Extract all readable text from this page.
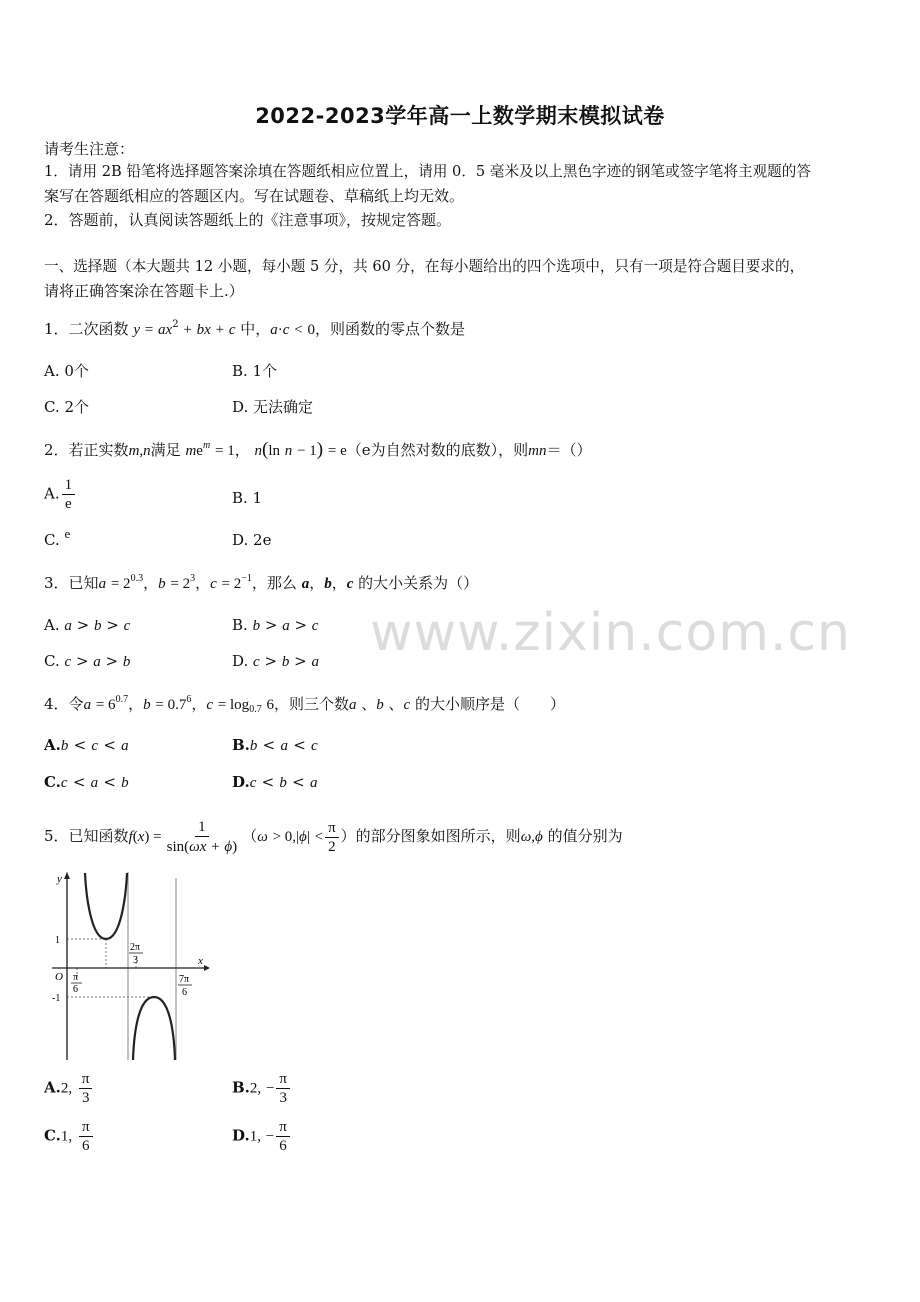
2022-2023学年高一上数学期末模拟试卷
请考生注意：
1．请用 2B 铅笔将选择题答案涂填在答题纸相应位置上，请用 0．5 毫米及以上黑色字迹的钢笔或签字笔将主观题的答
案写在答题纸相应的答题区内。写在试题卷、草稿纸上均无效。
2．答题前，认真阅读答题纸上的《注意事项》，按规定答题。
一、选择题（本大题共 12 小题，每小题 5 分，共 60 分，在每小题给出的四个选项中，只有一项是符合题目要求的，
请将正确答案涂在答题卡上.）
1．二次函数 $y = ax^2$ + bx + c 中，a·c < 0，则函数的零点个数是
A. 0个	B. 1个
C. 2个	D. 无法确定
2．若正实数m,n满足 $me^m = 1$， n(ln n − 1) = e（e为自然对数的底数），则mn＝（）
A. $\frac{1}{e}$	B. 1
C. $^e$	D. 2e
3．已知$a = 2^{0.3}$，$b = 2^3$，$c = 2^{-1}$，那么 a，b，c 的大小关系为（）
A. a > b > c	B. b > a > c
C. c > a > b	D. c > b > a
4．令$a = 6^{0.7}$，$b = 0.7^6$，$c = \log_{0.7} 6$，则三个数a 、b 、c 的大小顺序是（　　）
A.b < c < a	B.b < a < c
C.c < a < b	D.c < b < a
5．已知函数$f(x) = \frac{1}{\sin(\omega x + \phi)} (\omega > 0,|\phi| < \frac{\pi}{2}$ ）的部分图象如图所示，则ω,ϕ 的值分别为
y
x
O
1
-1
π
6
2π
3
7π
6
A.2, $\frac{\pi}{3}$	B.2, − $\frac{\pi}{3}$
C.1, $\frac{\pi}{6}$	D.1, − $\frac{\pi}{6}$
www.zixin.com.cn
